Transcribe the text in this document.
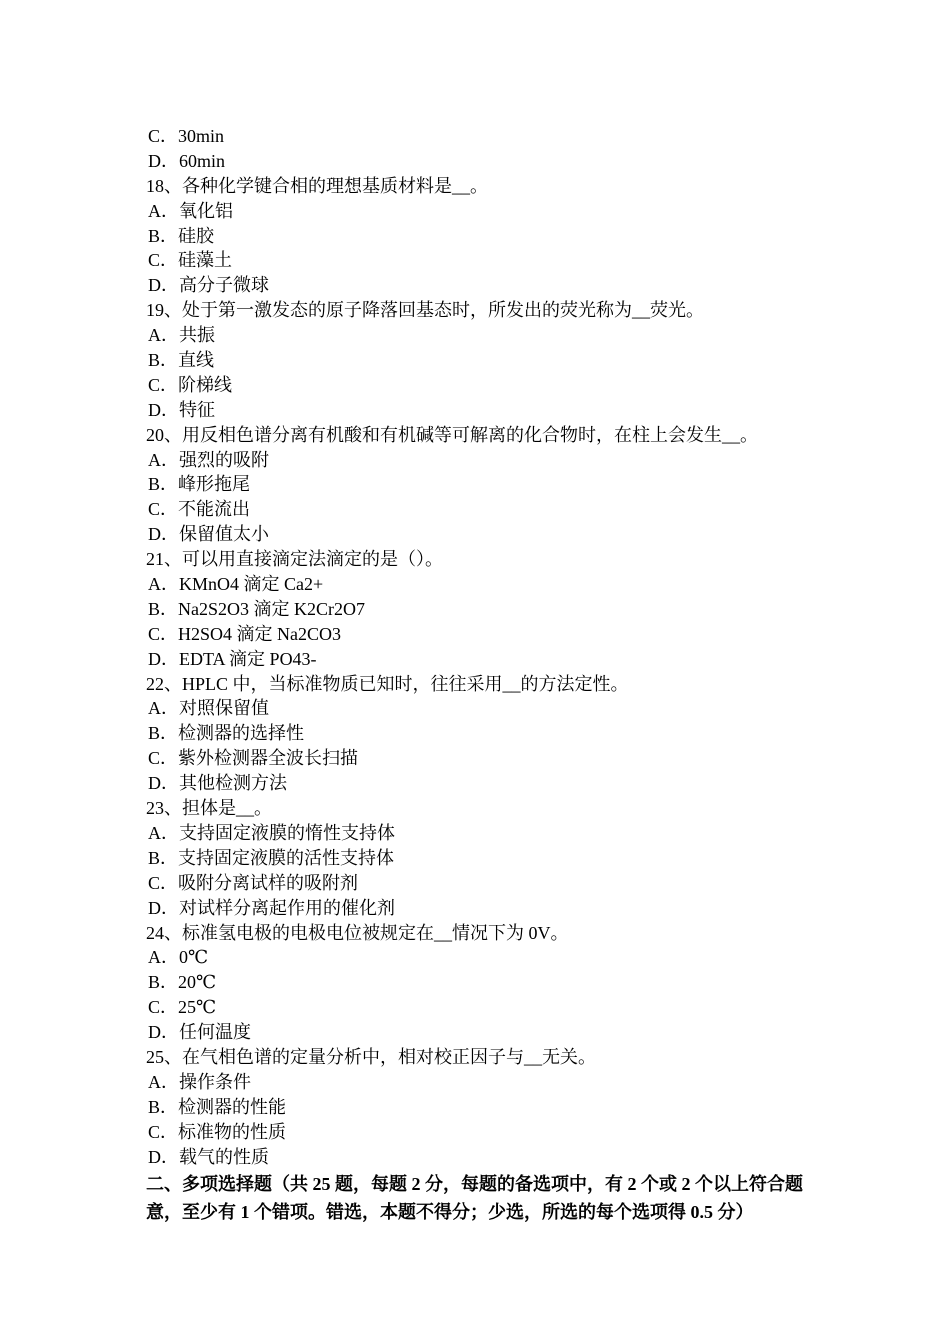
C．30min
D．60min
18、各种化学键合相的理想基质材料是__。
A．氧化铝
B．硅胶
C．硅藻土
D．高分子微球
19、处于第一激发态的原子降落回基态时，所发出的荧光称为__荧光。
A．共振
B．直线
C．阶梯线
D．特征
20、用反相色谱分离有机酸和有机碱等可解离的化合物时，在柱上会发生__。
A．强烈的吸附
B．峰形拖尾
C．不能流出
D．保留值太小
21、可以用直接滴定法滴定的是（）。
A．KMnO4 滴定 Ca2+
B．Na2S2O3 滴定 K2Cr2O7
C．H2SO4 滴定 Na2CO3
D．EDTA 滴定 PO43-
22、HPLC 中，当标准物质已知时，往往采用__的方法定性。
A．对照保留值
B．检测器的选择性
C．紫外检测器全波长扫描
D．其他检测方法
23、担体是__。
A．支持固定液膜的惰性支持体
B．支持固定液膜的活性支持体
C．吸附分离试样的吸附剂
D．对试样分离起作用的催化剂
24、标准氢电极的电极电位被规定在__情况下为 0V。
A．0℃
B．20℃
C．25℃
D．任何温度
25、在气相色谱的定量分析中，相对校正因子与__无关。
A．操作条件
B．检测器的性能
C．标准物的性质
D．载气的性质
二、多项选择题（共 25 题，每题 2 分，每题的备选项中，有 2 个或 2 个以上符合题意，至少有 1 个错项。错选，本题不得分；少选，所选的每个选项得 0.5 分）
